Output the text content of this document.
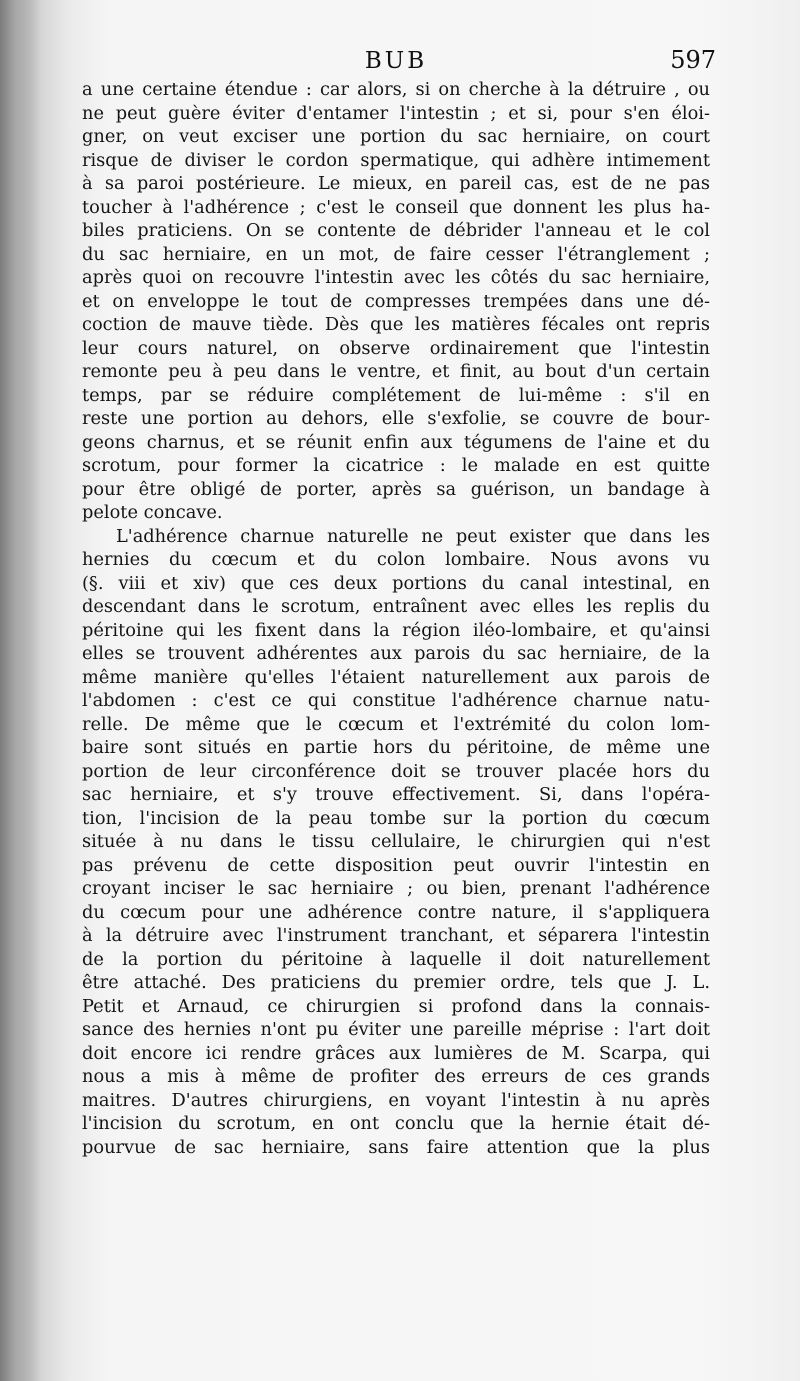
BUB	597
a une certaine étendue : car alors, si on cherche à la détruire , ou
ne peut guère éviter d'entamer l'intestin ; et si, pour s'en éloi-
gner, on veut exciser une portion du sac herniaire, on court
risque de diviser le cordon spermatique, qui adhère intimement
à sa paroi postérieure. Le mieux, en pareil cas, est de ne pas
toucher à l'adhérence ; c'est le conseil que donnent les plus ha-
biles praticiens. On se contente de débrider l'anneau et le col
du sac herniaire, en un mot, de faire cesser l'étranglement ;
après quoi on recouvre l'intestin avec les côtés du sac herniaire,
et on enveloppe le tout de compresses trempées dans une dé-
coction de mauve tiède. Dès que les matières fécales ont repris
leur cours naturel, on observe ordinairement que l'intestin
remonte peu à peu dans le ventre, et finit, au bout d'un certain
temps, par se réduire complétement de lui-même : s'il en
reste une portion au dehors, elle s'exfolie, se couvre de bour-
geons charnus, et se réunit enfin aux tégumens de l'aine et du
scrotum, pour former la cicatrice : le malade en est quitte
pour être obligé de porter, après sa guérison, un bandage à
pelote concave.
L'adhérence charnue naturelle ne peut exister que dans les
hernies du cœcum et du colon lombaire. Nous avons vu
(§. viii et xiv) que ces deux portions du canal intestinal, en
descendant dans le scrotum, entraînent avec elles les replis du
péritoine qui les fixent dans la région iléo-lombaire, et qu'ainsi
elles se trouvent adhérentes aux parois du sac herniaire, de la
même manière qu'elles l'étaient naturellement aux parois de
l'abdomen : c'est ce qui constitue l'adhérence charnue natu-
relle. De même que le cœcum et l'extrémité du colon lom-
baire sont situés en partie hors du péritoine, de même une
portion de leur circonférence doit se trouver placée hors du
sac herniaire, et s'y trouve effectivement. Si, dans l'opéra-
tion, l'incision de la peau tombe sur la portion du cœcum
située à nu dans le tissu cellulaire, le chirurgien qui n'est
pas prévenu de cette disposition peut ouvrir l'intestin en
croyant inciser le sac herniaire ; ou bien, prenant l'adhérence
du cœcum pour une adhérence contre nature, il s'appliquera
à la détruire avec l'instrument tranchant, et séparera l'intestin
de la portion du péritoine à laquelle il doit naturellement
être attaché. Des praticiens du premier ordre, tels que J. L.
Petit et Arnaud, ce chirurgien si profond dans la connais-
sance des hernies n'ont pu éviter une pareille méprise : l'art doit
doit encore ici rendre grâces aux lumières de M. Scarpa, qui
nous a mis à même de profiter des erreurs de ces grands
maitres. D'autres chirurgiens, en voyant l'intestin à nu après
l'incision du scrotum, en ont conclu que la hernie était dé-
pourvue de sac herniaire, sans faire attention que la plus
